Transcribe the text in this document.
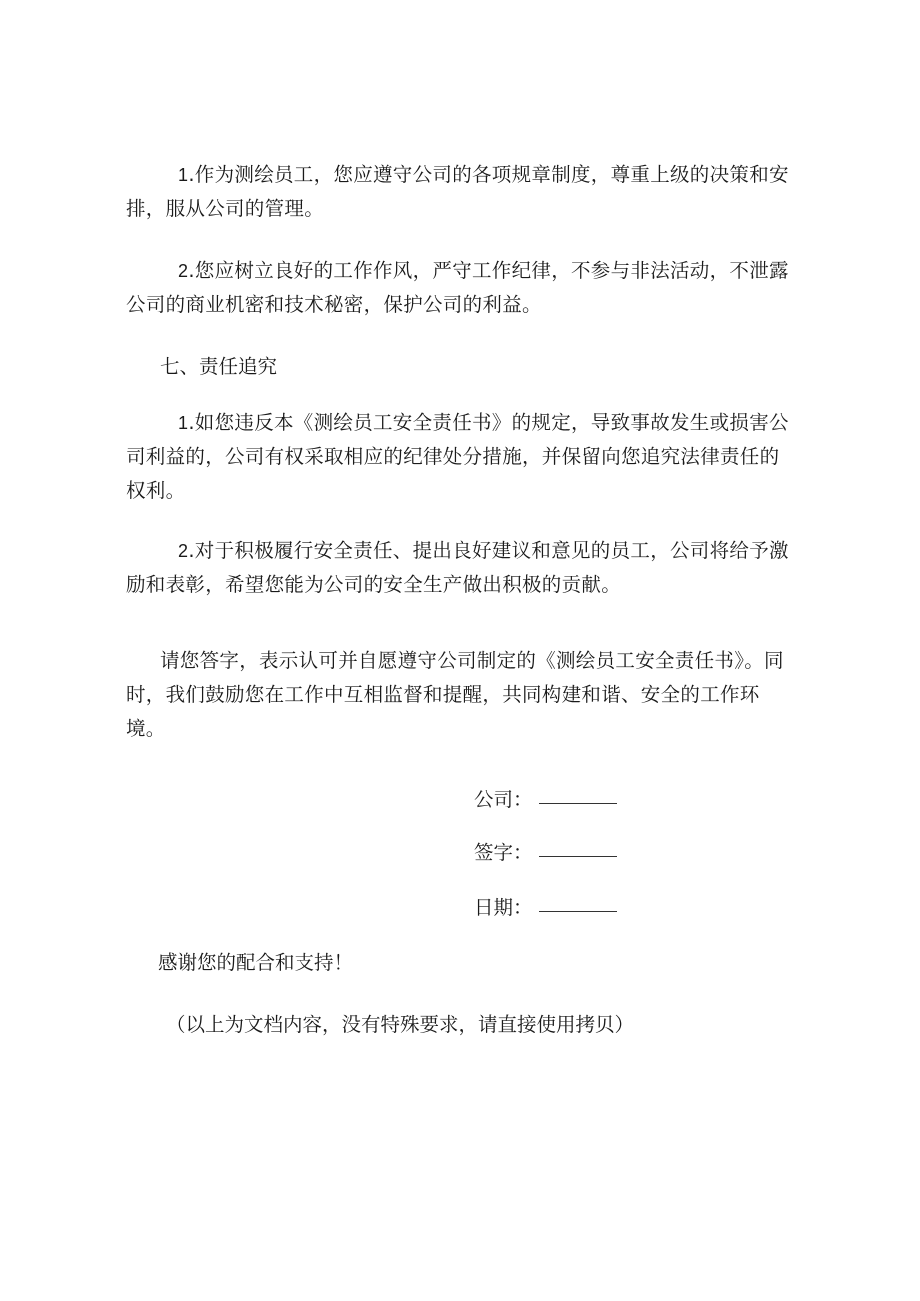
1.作为测绘员工，您应遵守公司的各项规章制度，尊重上级的决策和安排，服从公司的管理。

2.您应树立良好的工作作风，严守工作纪律，不参与非法活动，不泄露公司的商业机密和技术秘密，保护公司的利益。

七、责任追究

1.如您违反本《测绘员工安全责任书》的规定，导致事故发生或损害公司利益的，公司有权采取相应的纪律处分措施，并保留向您追究法律责任的权利。

2.对于积极履行安全责任、提出良好建议和意见的员工，公司将给予激励和表彰，希望您能为公司的安全生产做出积极的贡献。

请您答字，表示认可并自愿遵守公司制定的《测绘员工安全责任书》。同时，我们鼓励您在工作中互相监督和提醒，共同构建和谐、安全的工作环境。

公司：
签字：
日期：

感谢您的配合和支持！

（以上为文档内容，没有特殊要求，请直接使用拷贝）
